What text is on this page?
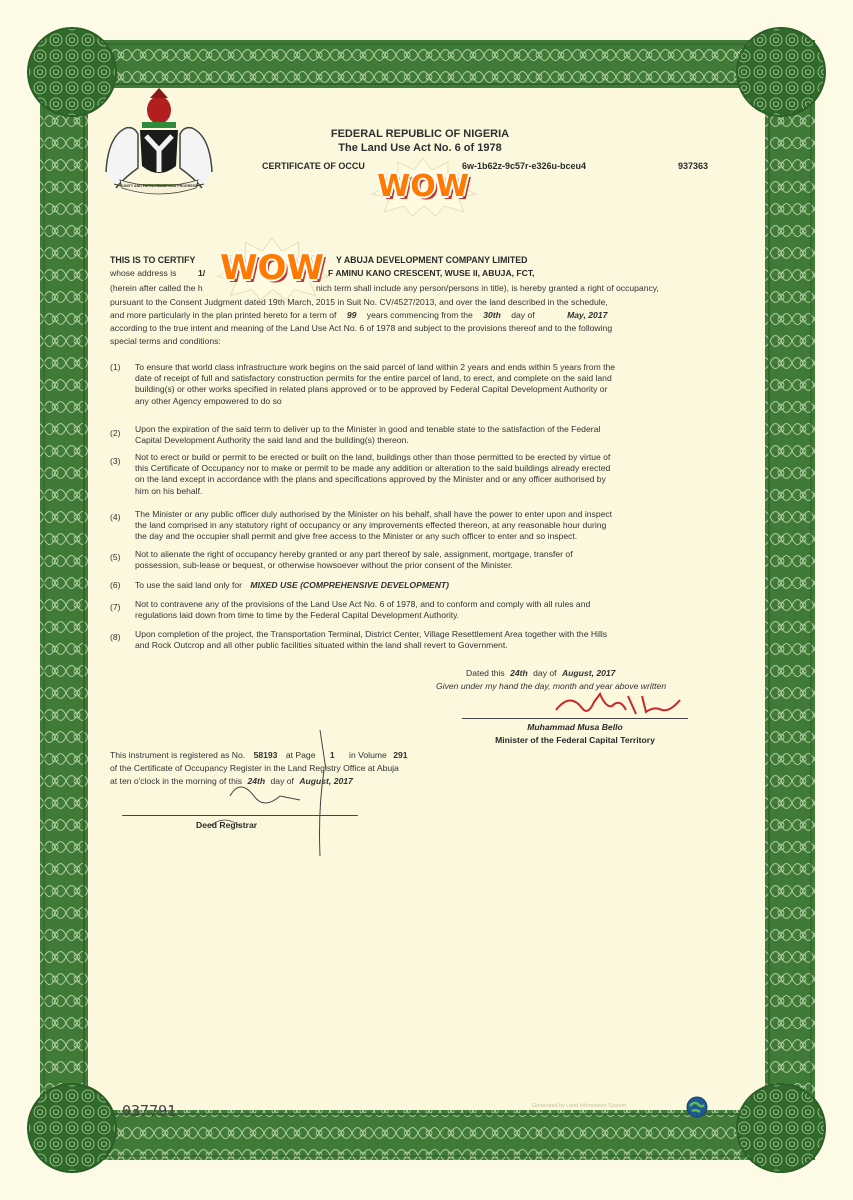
UNITY AND FAITH, PEACE AND PROGRESS
FEDERAL REPUBLIC OF NIGERIA
The Land Use Act No. 6 of 1978
CERTIFICATE OF OCCU	6w-1b62z-9c57r-e326u-bceu4	937363
WOW
WOW
THIS IS TO CERTIFY	Y ABUJA DEVELOPMENT COMPANY LIMITED
whose address is	1/	F AMINU KANO CRESCENT, WUSE II, ABUJA, FCT,
(herein after called the h	nich term shall include any person/persons in title), is hereby granted a right of occupancy,
pursuant to the Consent Judgment dated 19th March, 2015 in Suit No. CV/4527/2013, and over the land described in the schedule,
and more particularly in the plan printed hereto for a term of 99 years commencing from the 30th day of	May, 2017
according to the true intent and meaning of the Land Use Act No. 6 of 1978 and subject to the provisions thereof and to the following
special terms and conditions:
(1) To ensure that world class infrastructure work begins on the said parcel of land within 2 years and ends within 5 years from the
date of receipt of full and satisfactory construction permits for the entire parcel of land, to erect, and complete on the said land
building(s) or other works specified in related plans approved or to be approved by Federal Capital Development Authority or
any other Agency empowered to do so
(2) Upon the expiration of the said term to deliver up to the Minister in good and tenable state to the satisfaction of the Federal
Capital Development Authority the said land and the building(s) thereon.
(3) Not to erect or build or permit to be erected or built on the land, buildings other than those permitted to be erected by virtue of
this Certificate of Occupancy nor to make or permit to be made any addition or alteration to the said buildings already erected
on the land except in accordance with the plans and specifications approved by the Minister and or any officer authorised by
him on his behalf.
(4) The Minister or any public officer duly authorised by the Minister on his behalf, shall have the power to enter upon and inspect
the land comprised in any statutory right of occupancy or any improvements effected thereon, at any reasonable hour during
the day and the occupier shall permit and give free access to the Minister or any such officer to enter and so inspect.
(5) Not to alienate the right of occupancy hereby granted or any part thereof by sale, assignment, mortgage, transfer of
possession, sub-lease or bequest, or otherwise howsoever without the prior consent of the Minister.
(6) To use the said land only for MIXED USE (COMPREHENSIVE DEVELOPMENT)
(7) Not to contravene any of the provisions of the Land Use Act No. 6 of 1978, and to conform and comply with all rules and
regulations laid down from time to time by the Federal Capital Development Authority.
(8) Upon completion of the project, the Transportation Terminal, District Center, Village Resettlement Area together with the Hills
and Rock Outcrop and all other public facilities situated within the land shall revert to Government.
Dated this 24th day of August, 2017
Given under my hand the day, month and year above written
Muhammad Musa Bello
Minister of the Federal Capital Territory
This instrument is registered as No. 58193 at Page 1 in Volume 291
of the Certificate of Occupancy Register in the Land Registry Office at Abuja
at ten o'clock in the morning of this 24th day of August, 2017
Deed Registrar
037791	Generated by Land Information System
